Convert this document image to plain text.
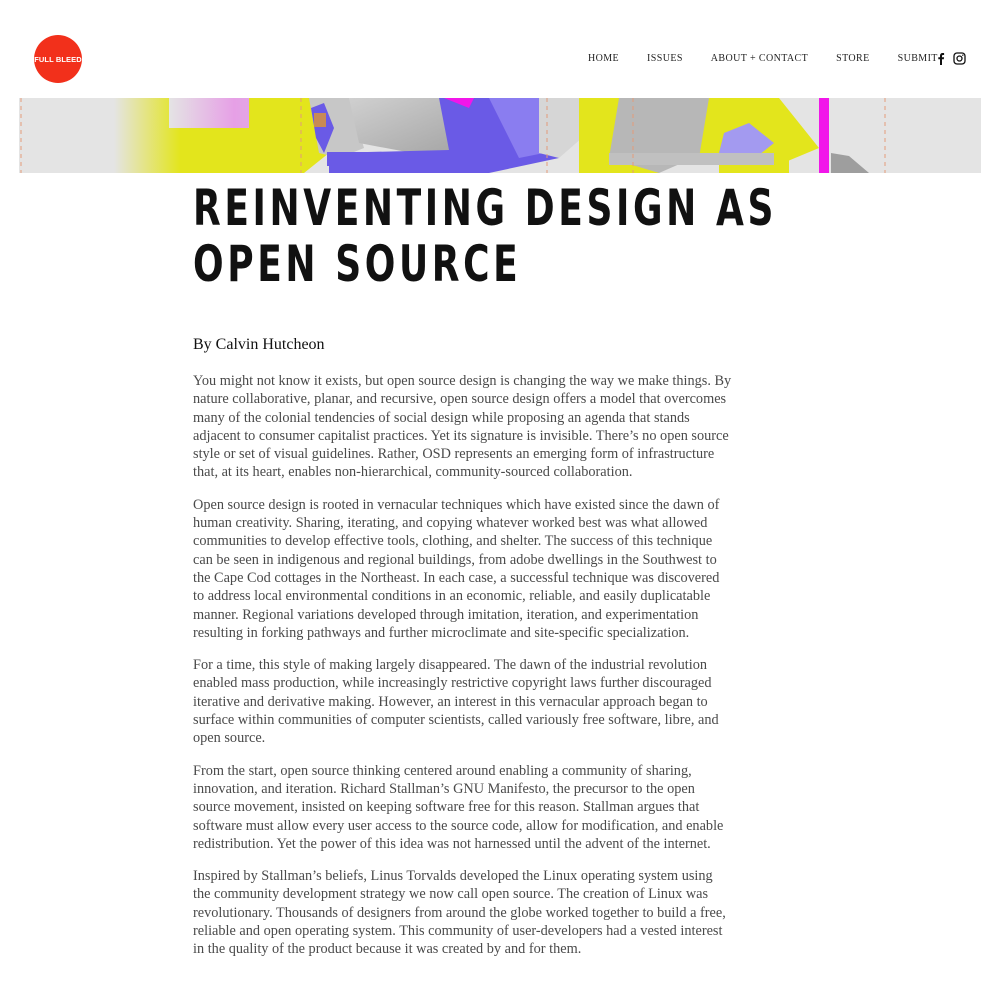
FULL BLEED	HOME	ISSUES	ABOUT + CONTACT	STORE	SUBMIT
REINVENTING DESIGN AS
OPEN SOURCE
By Calvin Hutcheon

You might not know it exists, but open source design is changing the way we make things. By nature collaborative, planar, and recursive, open source design offers a model that overcomes many of the colonial tendencies of social design while proposing an agenda that stands adjacent to consumer capitalist practices. Yet its signature is invisible. There’s no open source style or set of visual guidelines. Rather, OSD represents an emerging form of infrastructure that, at its heart, enables non-hierarchical, community-sourced collaboration.

Open source design is rooted in vernacular techniques which have existed since the dawn of human creativity. Sharing, iterating, and copying whatever worked best was what allowed communities to develop effective tools, clothing, and shelter. The success of this technique can be seen in indigenous and regional buildings, from adobe dwellings in the Southwest to the Cape Cod cottages in the Northeast. In each case, a successful technique was discovered to address local environmental conditions in an economic, reliable, and easily duplicatable manner. Regional variations developed through imitation, iteration, and experimentation resulting in forking pathways and further microclimate and site-specific specialization.

For a time, this style of making largely disappeared. The dawn of the industrial revolution enabled mass production, while increasingly restrictive copyright laws further discouraged iterative and derivative making. However, an interest in this vernacular approach began to surface within communities of computer scientists, called variously free software, libre, and open source.

From the start, open source thinking centered around enabling a community of sharing, innovation, and iteration. Richard Stallman’s GNU Manifesto, the precursor to the open source movement, insisted on keeping software free for this reason. Stallman argues that software must allow every user access to the source code, allow for modification, and enable redistribution. Yet the power of this idea was not harnessed until the advent of the internet.

Inspired by Stallman’s beliefs, Linus Torvalds developed the Linux operating system using the community development strategy we now call open source. The creation of Linux was revolutionary. Thousands of designers from around the globe worked together to build a free, reliable and open operating system. This community of user-developers had a vested interest in the quality of the product because it was created by and for them.
